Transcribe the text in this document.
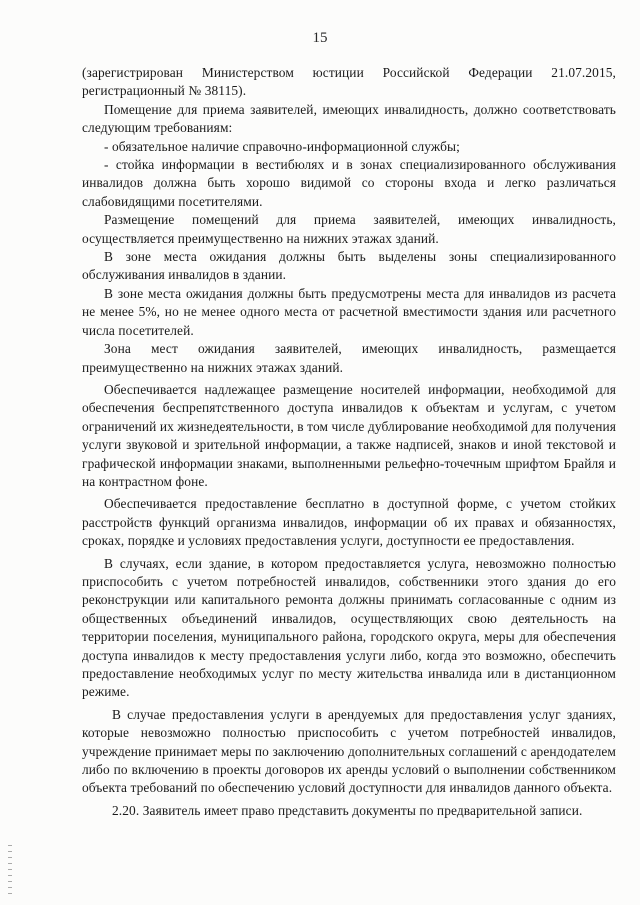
15

(зарегистрирован Министерством юстиции Российской Федерации 21.07.2015, регистрационный № 38115).

Помещение для приема заявителей, имеющих инвалидность, должно соответствовать следующим требованиям:

- обязательное наличие справочно-информационной службы;

- стойка информации в вестибюлях и в зонах специализированного обслуживания инвалидов должна быть хорошо видимой со стороны входа и легко различаться слабовидящими посетителями.

Размещение помещений для приема заявителей, имеющих инвалидность, осуществляется преимущественно на нижних этажах зданий.

В зоне места ожидания должны быть выделены зоны специализированного обслуживания инвалидов в здании.

В зоне места ожидания должны быть предусмотрены места для инвалидов из расчета не менее 5%, но не менее одного места от расчетной вместимости здания или расчетного числа посетителей.

Зона мест ожидания заявителей, имеющих инвалидность, размещается преимущественно на нижних этажах зданий.

Обеспечивается надлежащее размещение носителей информации, необходимой для обеспечения беспрепятственного доступа инвалидов к объектам и услугам, с учетом ограничений их жизнедеятельности, в том числе дублирование необходимой для получения услуги звуковой и зрительной информации, а также надписей, знаков и иной текстовой и графической информации знаками, выполненными рельефно-точечным шрифтом Брайля и на контрастном фоне.

Обеспечивается предоставление бесплатно в доступной форме, с учетом стойких расстройств функций организма инвалидов, информации об их правах и обязанностях, сроках, порядке и условиях предоставления услуги, доступности ее предоставления.

В случаях, если здание, в котором предоставляется услуга, невозможно полностью приспособить с учетом потребностей инвалидов, собственники этого здания до его реконструкции или капитального ремонта должны принимать согласованные с одним из общественных объединений инвалидов, осуществляющих свою деятельность на территории поселения, муниципального района, городского округа, меры для обеспечения доступа инвалидов к месту предоставления услуги либо, когда это возможно, обеспечить предоставление необходимых услуг по месту жительства инвалида или в дистанционном режиме.

В случае предоставления услуги в арендуемых для предоставления услуг зданиях, которые невозможно полностью приспособить с учетом потребностей инвалидов, учреждение принимает меры по заключению дополнительных соглашений с арендодателем либо по включению в проекты договоров их аренды условий о выполнении собственником объекта требований по обеспечению условий доступности для инвалидов данного объекта.

2.20. Заявитель имеет право представить документы по предварительной записи.
